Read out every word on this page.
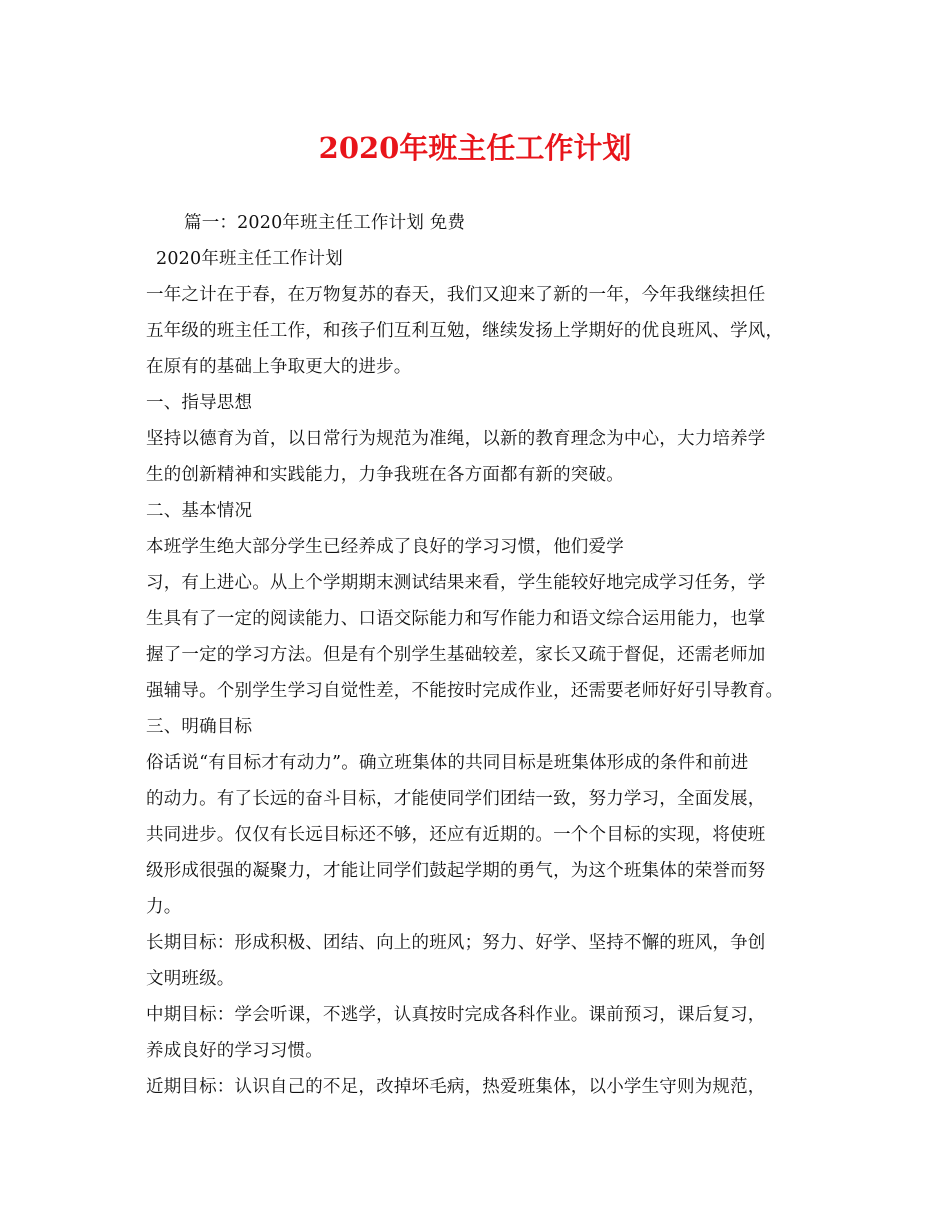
2020年班主任工作计划
篇一：2020年班主任工作计划 免费
2020年班主任工作计划
一年之计在于春，在万物复苏的春天，我们又迎来了新的一年，今年我继续担任
五年级的班主任工作，和孩子们互利互勉，继续发扬上学期好的优良班风、学风，
在原有的基础上争取更大的进步。
一、指导思想
坚持以德育为首，以日常行为规范为准绳，以新的教育理念为中心，大力培养学
生的创新精神和实践能力，力争我班在各方面都有新的突破。
二、基本情况
本班学生绝大部分学生已经养成了良好的学习习惯，他们爱学
习，有上进心。从上个学期期末测试结果来看，学生能较好地完成学习任务，学
生具有了一定的阅读能力、口语交际能力和写作能力和语文综合运用能力，也掌
握了一定的学习方法。但是有个别学生基础较差，家长又疏于督促，还需老师加
强辅导。个别学生学习自觉性差，不能按时完成作业，还需要老师好好引导教育。
三、明确目标
俗话说“有目标才有动力”。确立班集体的共同目标是班集体形成的条件和前进
的动力。有了长远的奋斗目标，才能使同学们团结一致，努力学习，全面发展，
共同进步。仅仅有长远目标还不够，还应有近期的。一个个目标的实现，将使班
级形成很强的凝聚力，才能让同学们鼓起学期的勇气，为这个班集体的荣誉而努
力。
长期目标：形成积极、团结、向上的班风；努力、好学、坚持不懈的班风，争创
文明班级。
中期目标：学会听课，不逃学，认真按时完成各科作业。课前预习，课后复习，
养成良好的学习习惯。
近期目标：认识自己的不足，改掉坏毛病，热爱班集体，以小学生守则为规范，
